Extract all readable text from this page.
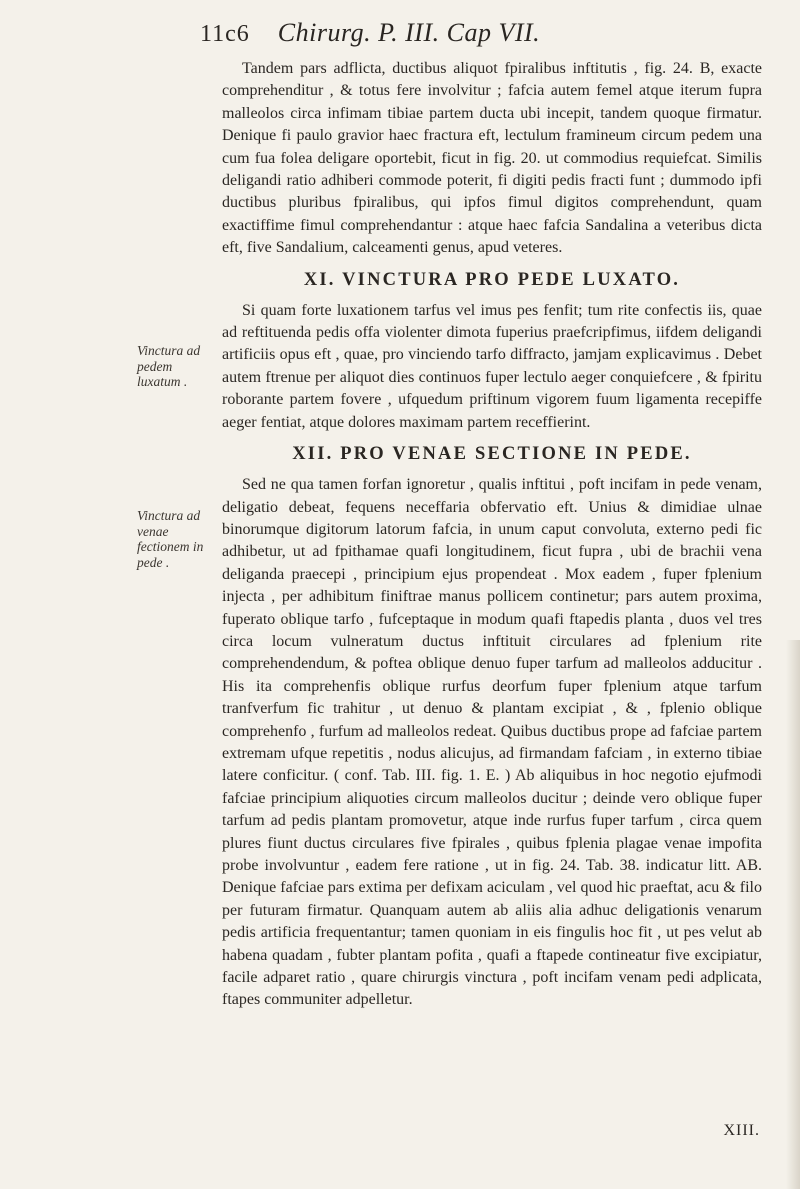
11c6 Chirurg. P. III. Cap VII.

Tandem pars adflicta, ductibus aliquot fpiralibus inftitutis , fig. 24. B, exacte comprehenditur , & totus fere involvitur ; fafcia autem femel atque iterum fupra malleolos circa infimam tibiae partem ducta ubi incepit, tandem quoque firmatur. Denique fi paulo gravior haec fractura eft, lectulum framineum circum pedem una cum fua folea deligare oportebit, ficut in fig. 20. ut commodius requiefcat. Similis deligandi ratio adhiberi commode poterit, fi digiti pedis fracti funt ; dummodo ipfi ductibus pluribus fpiralibus, qui ipfos fimul digitos comprehendunt, quam exactiffime fimul comprehendantur : atque haec fafcia Sandalina a veteribus dicta eft, five Sandalium, calceamenti genus, apud veteres.

XI. VINCTURA PRO PEDE LUXATO.

Si quam forte luxationem tarfus vel imus pes fenfit; tum rite confectis iis, quae ad reftituenda pedis offa violenter dimota fuperius praefcripfimus, iifdem deligandi artificiis opus eft , quae, pro vinciendo tarfo diffracto, jamjam explicavimus . Debet autem ftrenue per aliquot dies continuos fuper lectulo aeger conquiefcere , & fpiritu roborante partem fovere , ufquedum priftinum vigorem fuum ligamenta recepiffe aeger fentiat, atque dolores maximam partem receffierint.

XII. PRO VENAE SECTIONE IN PEDE.

Sed ne qua tamen forfan ignoretur , qualis inftitui , poft incifam in pede venam, deligatio debeat, fequens neceffaria obfervatio eft. Unius & dimidiae ulnae binorumque digitorum latorum fafcia, in unum caput convoluta, externo pedi fic adhibetur, ut ad fpithamae quafi longitudinem, ficut fupra , ubi de brachii vena deliganda praecepi , principium ejus propendeat . Mox eadem , fuper fplenium injecta , per adhibitum finiftrae manus pollicem continetur; pars autem proxima, fuperato oblique tarfo , fufceptaque in modum quafi ftapedis planta , duos vel tres circa locum vulneratum ductus inftituit circulares ad fplenium rite comprehendendum, & poftea oblique denuo fuper tarfum ad malleolos adducitur . His ita comprehenfis oblique rurfus deorfum fuper fplenium atque tarfum tranfverfum fic trahitur , ut denuo & plantam excipiat , & , fplenio oblique comprehenfo , furfum ad malleolos redeat. Quibus ductibus prope ad fafciae partem extremam ufque repetitis , nodus alicujus, ad firmandam fafciam , in externo tibiae latere conficitur. ( conf. Tab. III. fig. 1. E. ) Ab aliquibus in hoc negotio ejufmodi fafciae principium aliquoties circum malleolos ducitur ; deinde vero oblique fuper tarfum ad pedis plantam promovetur, atque inde rurfus fuper tarfum , circa quem plures fiunt ductus circulares five fpirales , quibus fplenia plagae venae impofita probe involvuntur , eadem fere ratione , ut in fig. 24. Tab. 38. indicatur litt. AB. Denique fafciae pars extima per defixam aciculam , vel quod hic praeftat, acu & filo per futuram firmatur. Quanquam autem ab aliis alia adhuc deligationis venarum pedis artificia frequentantur; tamen quoniam in eis fingulis hoc fit , ut pes velut ab habena quadam , fubter plantam pofita , quafi a ftapede contineatur five excipiatur, facile adparet ratio , quare chirurgis vinctura , poft incifam venam pedi adplicata, ftapes communiter adpelletur.

Vinctura ad pedem luxatum .
Vinctura ad venae fectionem in pede .
XIII.
